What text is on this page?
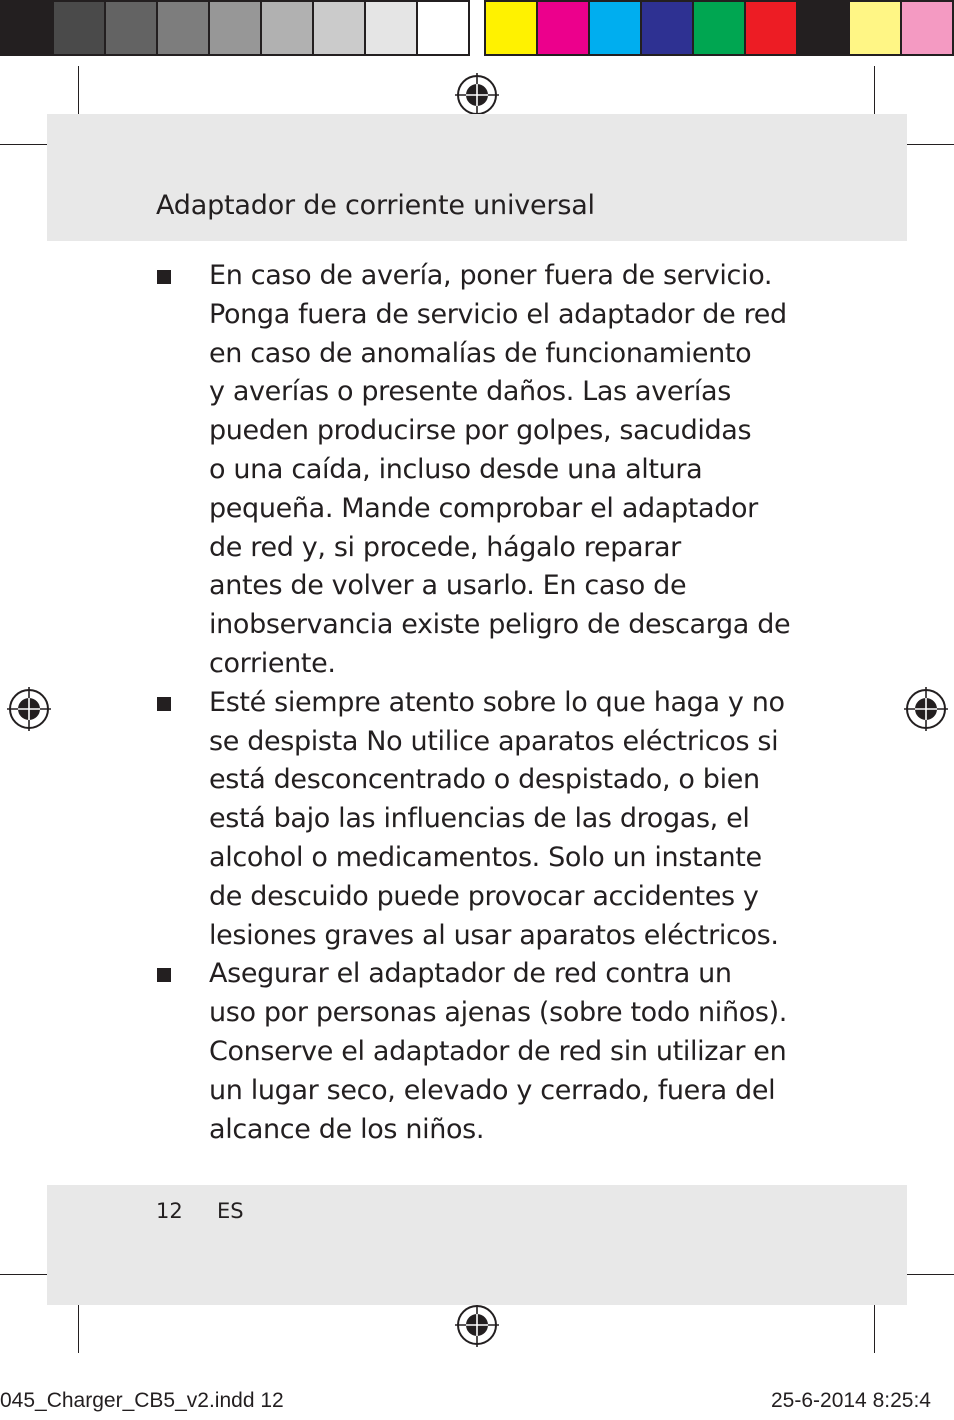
Adaptador de corriente universal
En caso de avería, poner fuera de servicio.
Ponga fuera de servicio el adaptador de red
en caso de anomalías de funcionamiento
y averías o presente daños. Las averías
pueden producirse por golpes, sacudidas
o una caída, incluso desde una altura
pequeña. Mande comprobar el adaptador
de red y, si procede, hágalo reparar
antes de volver a usarlo. En caso de
inobservancia existe peligro de descarga de
corriente.
Esté siempre atento sobre lo que haga y no
se despista No utilice aparatos eléctricos si
está desconcentrado o despistado, o bien
está bajo las influencias de las drogas, el
alcohol o medicamentos. Solo un instante
de descuido puede provocar accidentes y
lesiones graves al usar aparatos eléctricos.
Asegurar el adaptador de red contra un
uso por personas ajenas (sobre todo niños).
Conserve el adaptador de red sin utilizar en
un lugar seco, elevado y cerrado, fuera del
alcance de los niños.
12 ES
045_Charger_CB5_v2.indd 12	25-6-2014 8:25:4
